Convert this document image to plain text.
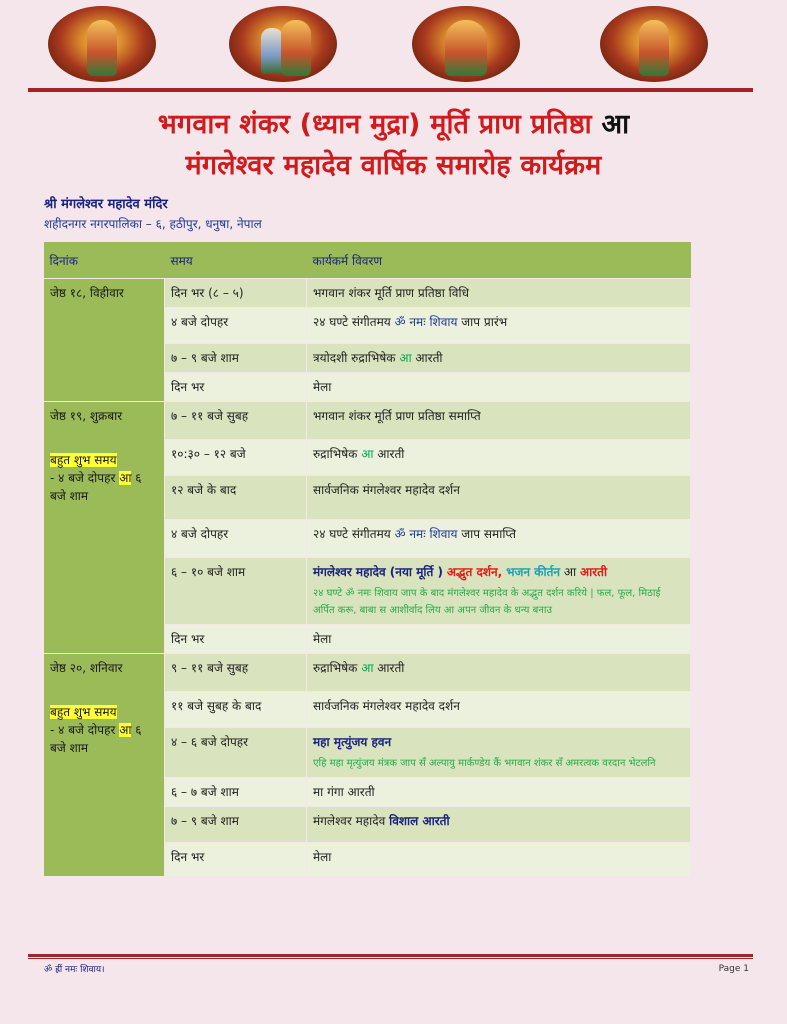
भगवान शंकर (ध्यान मुद्रा) मूर्ति प्राण प्रतिष्ठा आ
मंगलेश्वर महादेव वार्षिक समारोह कार्यक्रम
श्री मंगलेश्वर महादेव मंदिर
शहीदनगर नगरपालिका – ६, हठीपुर, धनुषा, नेपाल
दिनांक	समय	कार्यकर्म विवरण
जेष्ठ १८, विहीवार	दिन भर (८ – ५)	भगवान शंकर मूर्ति प्राण प्रतिष्ठा विधि
	४ बजे दोपहर	२४ घण्टे संगीतमय ॐ नमः शिवाय जाप प्रारंभ
	७ – ९ बजे शाम	त्रयोदशी रुद्राभिषेक आ आरती
	दिन भर	मेला
जेष्ठ १९, शुक्रबार
बहुत शुभ समय
- ४ बजे दोपहर आ ६
बजे शाम	७ – ११ बजे सुबह	भगवान शंकर मूर्ति प्राण प्रतिष्ठा समाप्ति
	१०:३० – १२ बजे	रुद्राभिषेक आ आरती
	१२ बजे के बाद	सार्वजनिक मंगलेश्वर महादेव दर्शन
	४ बजे दोपहर	२४ घण्टे संगीतमय ॐ नमः शिवाय जाप समाप्ति
	६ – १० बजे शाम	मंगलेश्वर महादेव (नया मूर्ति ) अद्भुत दर्शन, भजन कीर्तन आ आरती
२४ घण्टे ॐ नमः शिवाय जाप के बाद मंगलेश्वर महादेव के अद्भुत दर्शन करिये | फल, फूल, मिठाई अर्पित करू, बाबा स आशीर्वाद लिय आ अपन जीवन के धन्य बनाउ

	दिन भर	मेला
जेष्ठ २०, शनिवार
बहुत शुभ समय
- ४ बजे दोपहर आ ६
बजे शाम	९ – ११ बजे सुबह	रुद्राभिषेक आ आरती
	११ बजे सुबह के बाद	सार्वजनिक मंगलेश्वर महादेव दर्शन
	४ – ६ बजे दोपहर	महा मृत्युंजय हवन
एहि महा मृत्युंजय मंत्रक जाप सँ अल्पायु मार्कण्डेय कैं भगवान शंकर सँ अमरत्वक वरदान भेटलनि

	६ – ७ बजे शाम	मा गंगा आरती
	७ – ९ बजे शाम	मंगलेश्वर महादेव विशाल आरती
	दिन भर	मेला
ॐ ह्रीं नमः शिवाय।	Page 1
